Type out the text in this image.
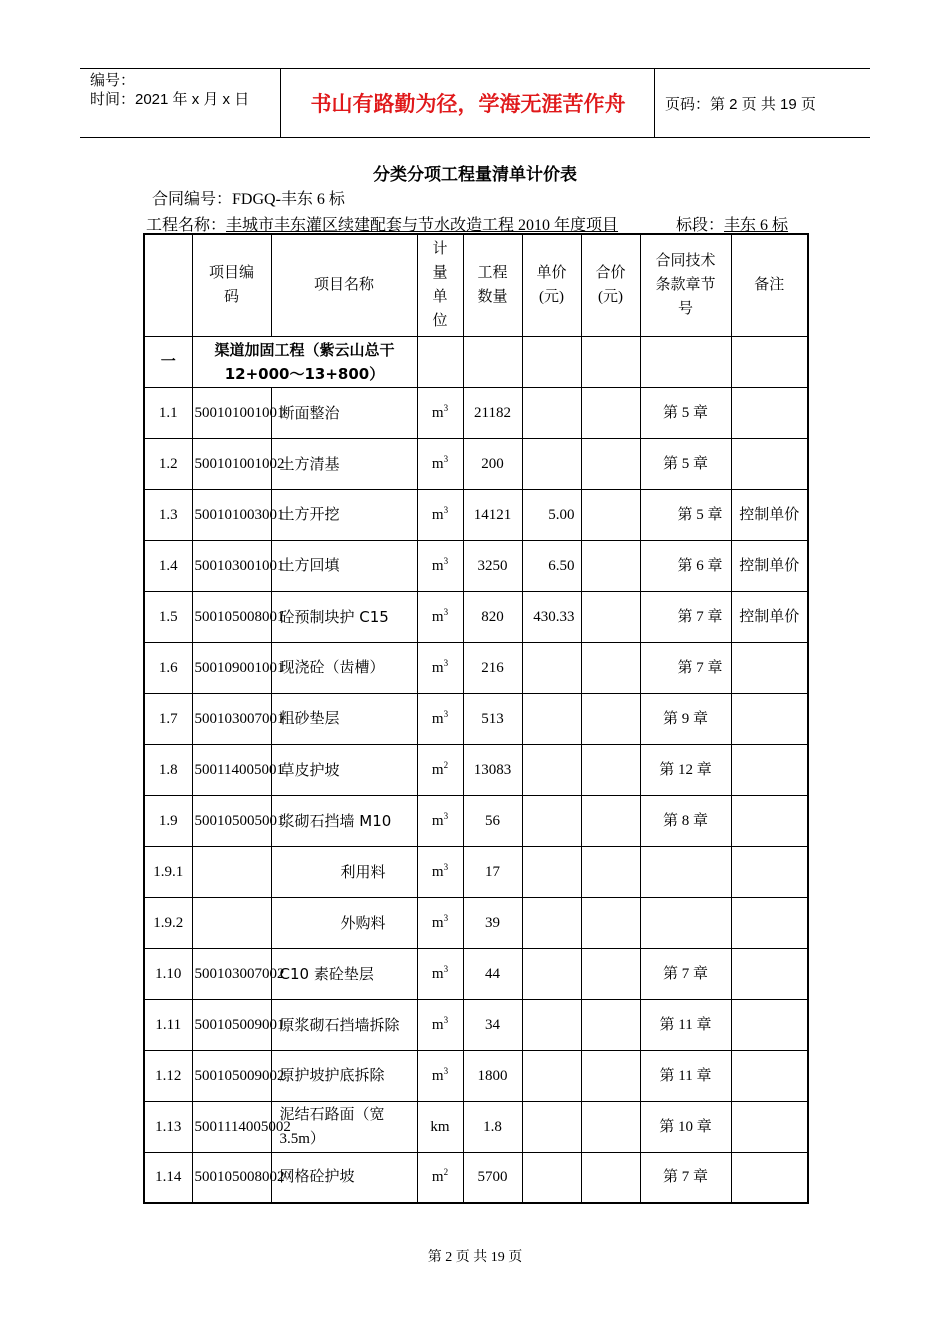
编号：
时间：2021 年 x 月 x 日	书山有路勤为径，学海无涯苦作舟	页码：第 2 页 共 19 页
分类分项工程量清单计价表
合同编号：FDGQ-丰东 6 标
工程名称：丰城市丰东灌区续建配套与节水改造工程 2010 年度项目	标段：丰东 6 标
	项目编码	项目名称	计量单位	工程数量	单价(元)	合价(元)	合同技术条款章节号	备注
一	渠道加固工程（紫云山总干 12+000～13+800）							
1.1	500101001001	断面整治	$m^3$	21182			第 5 章	
1.2	500101001002	土方清基	$m^3$	200			第 5 章	
1.3	500101003001	土方开挖	$m^3$	14121	5.00		第 5 章	控制单价
1.4	500103001001	土方回填	$m^3$	3250	6.50		第 6 章	控制单价
1.5	500105008001	砼预制块护 C15	$m^3$	820	430.33		第 7 章	控制单价
1.6	500109001001	现浇砼（齿槽）	$m^3$	216			第 7 章	
1.7	500103007001	粗砂垫层	$m^3$	513			第 9 章	
1.8	500114005001	草皮护坡	$m^2$	13083			第 12 章	
1.9	500105005001	浆砌石挡墙 M10	$m^3$	56			第 8 章	
1.9.1		利用料	$m^3$	17				
1.9.2		外购料	$m^3$	39				
1.10	500103007002	C10 素砼垫层	$m^3$	44			第 7 章	
1.11	500105009001	原浆砌石挡墙拆除	$m^3$	34			第 11 章	
1.12	500105009002	原护坡护底拆除	$m^3$	1800			第 11 章	
1.13	5001114005002	泥结石路面（宽 3.5m）	km	1.8			第 10 章	
1.14	500105008002	网格砼护坡	$m^2$	5700			第 7 章	
第 2 页 共 19 页
